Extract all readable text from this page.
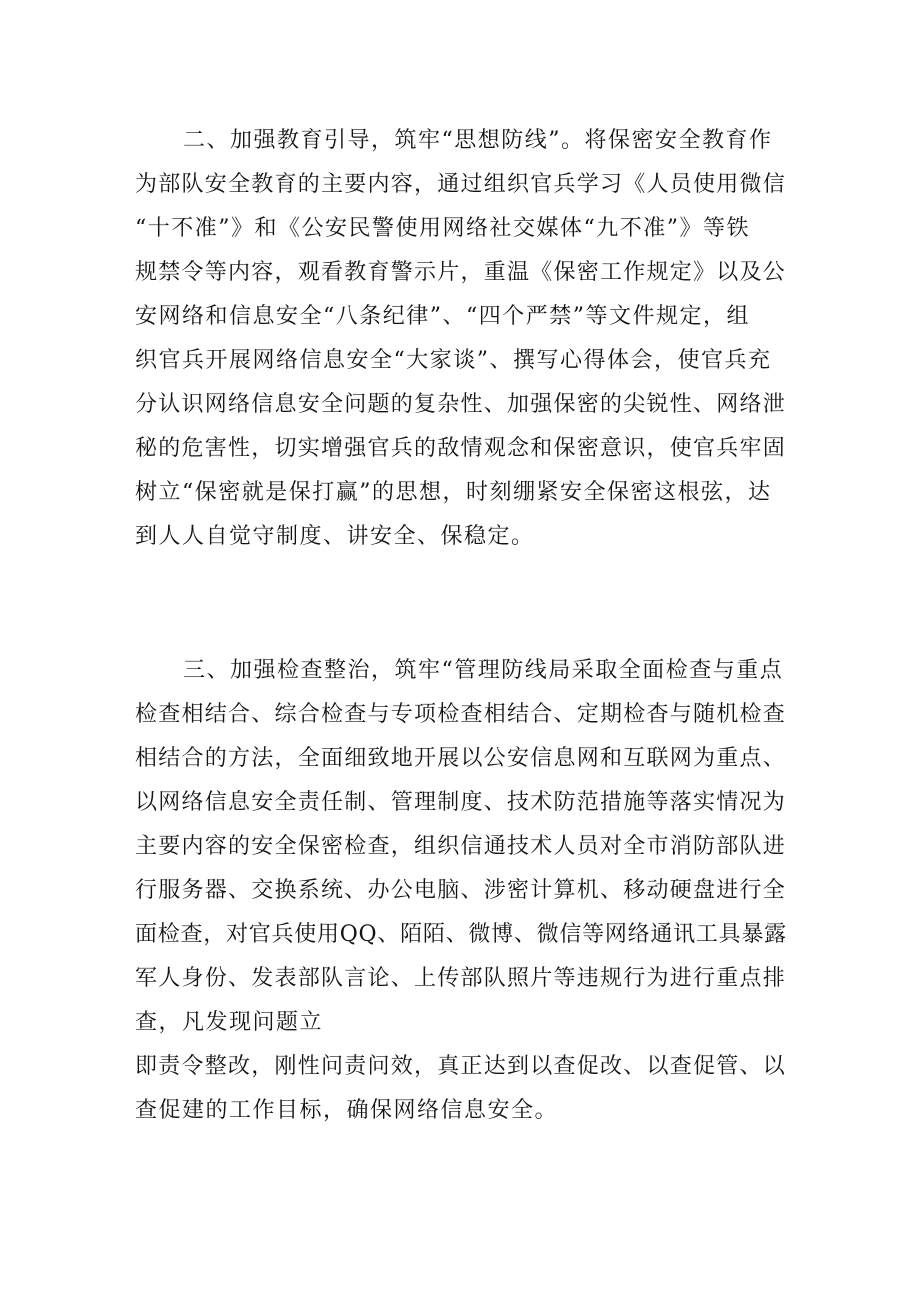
二、加强教育引导，筑牢“思想防线”。将保密安全教育作

为部队安全教育的主要内容，通过组织官兵学习《人员使用微信

“十不准”》和《公安民警使用网络社交媒体“九不准”》等铁

规禁令等内容，观看教育警示片，重温《保密工作规定》以及公

安网络和信息安全“八条纪律”、“四个严禁”等文件规定，组

织官兵开展网络信息安全“大家谈”、撰写心得体会，使官兵充

分认识网络信息安全问题的复杂性、加强保密的尖锐性、网络泄

秘的危害性，切实增强官兵的敌情观念和保密意识，使官兵牢固

树立“保密就是保打赢”的思想，时刻绷紧安全保密这根弦，达

到人人自觉守制度、讲安全、保稳定。

三、加强检查整治，筑牢“管理防线局采取全面检查与重点

检查相结合、综合检查与专项检查相结合、定期检杳与随机检查

相结合的方法，全面细致地开展以公安信息网和互联网为重点、

以网络信息安全责任制、管理制度、技术防范措施等落实情况为

主要内容的安全保密检查，组织信通技术人员对全市消防部队进

行服务器、交换系统、办公电脑、涉密计算机、移动硬盘进行全

面检查，对官兵使用QQ、陌陌、微博、微信等网络通讯工具暴露

军人身份、发表部队言论、上传部队照片等违规行为进行重点排

查，凡发现问题立

即责令整改，刚性问责问效，真正达到以查促改、以查促管、以

查促建的工作目标，确保网络信息安全。
